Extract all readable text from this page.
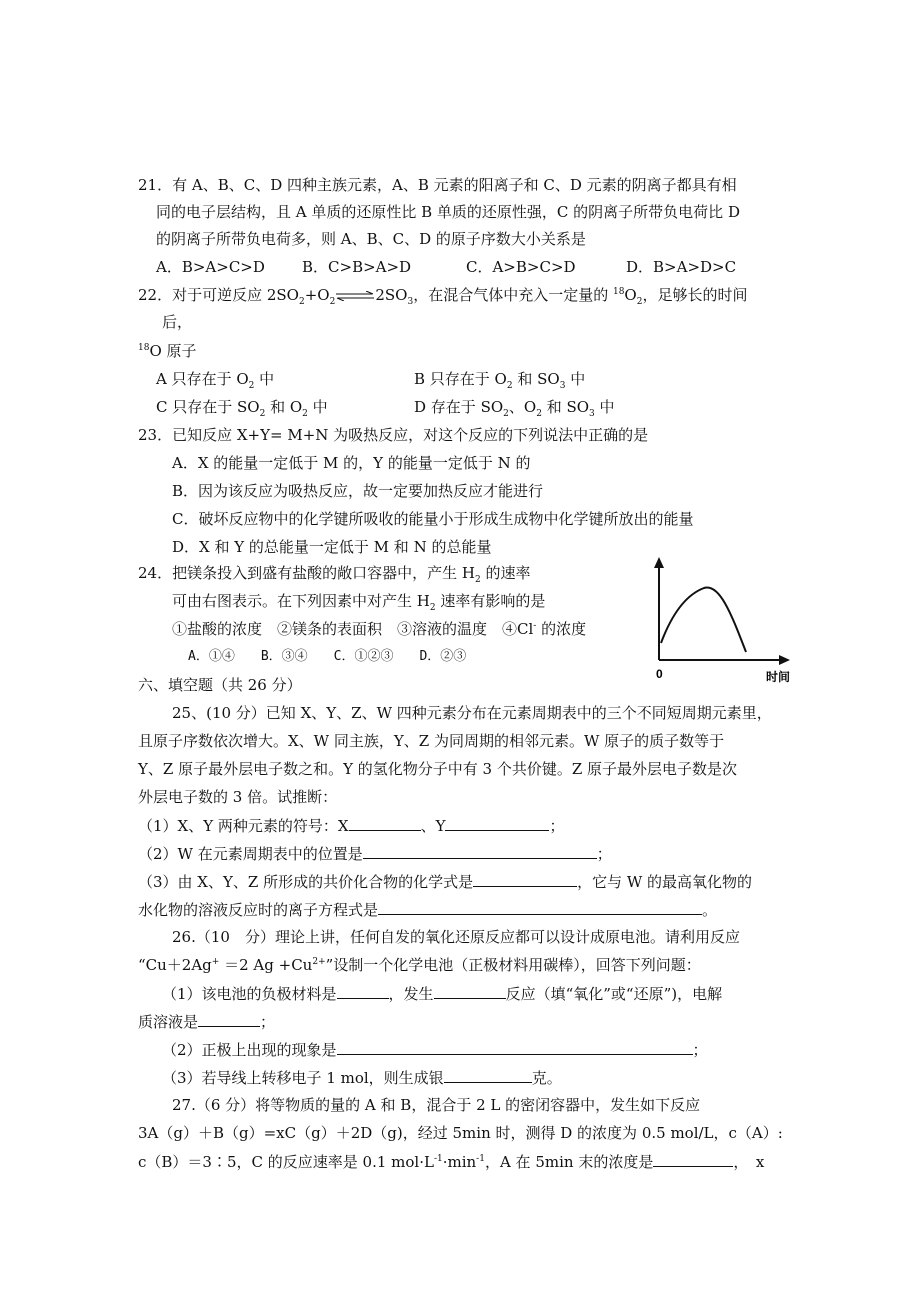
21．有 A、B、C、D 四种主族元素，A、B 元素的阳离子和 C、D 元素的阴离子都具有相
同的电子层结构，且 A 单质的还原性比 B 单质的还原性强，C 的阴离子所带负电荷比 D
的阴离子所带负电荷多，则 A、B、C、D 的原子序数大小关系是
A．B>A>C>D B．C>B>A>D	C．A>B>C>D	D．B>A>D>C
22．对于可逆反应 $2SO_2+O_2$ $\rightleftharpoons 2SO_3$，在混合气体中充入一定量的 $^{18}O_2$，足够长的时间
后，
$^{18}$O 原子
A 只存在于 $O_2$ 中	B 只存在于 $O_2$ 和 $SO_3$ 中
C 只存在于 $SO_2$ 和 $O_2$ 中	D 存在于 $SO_2$、$O_2$ 和 $SO_3$ 中
23．已知反应 X+Y= M+N 为吸热反应，对这个反应的下列说法中正确的是
A．X 的能量一定低于 M 的，Y 的能量一定低于 N 的
B．因为该反应为吸热反应，故一定要加热反应才能进行
C．破坏反应物中的化学键所吸收的能量小于形成生成物中化学键所放出的能量
D．X 和 Y 的总能量一定低于 M 和 N 的总能量
24．把镁条投入到盛有盐酸的敞口容器中，产生 $H_2$ 的速率
可由右图表示。在下列因素中对产生 $H_2$ 速率有影响的是
①盐酸的浓度　②镁条的表面积　③溶液的温度　④Cl- 的浓度
A．①④　　B．③④　　C．①②③　　D．②③
0	时间
六、填空题（共 26 分）
25、(10 分）已知 X、Y、Z、W 四种元素分布在元素周期表中的三个不同短周期元素里，
且原子序数依次增大。X、W 同主族，Y、Z 为同周期的相邻元素。W 原子的质子数等于
Y、Z 原子最外层电子数之和。Y 的氢化物分子中有 3 个共价键。Z 原子最外层电子数是次
外层电子数的 3 倍。试推断：
（1）X、Y 两种元素的符号：X	、Y	；
（2）W 在元素周期表中的位置是	；
（3）由 X、Y、Z 所形成的共价化合物的化学式是	，它与 W 的最高氧化物的
水化物的溶液反应时的离子方程式是	。
26.（10　分）理论上讲，任何自发的氧化还原反应都可以设计成原电池。请利用反应
“Cu＋2Ag+ ＝2 $Ag +Cu^{2+}$”设制一个化学电池（正极材料用碳棒），回答下列问题：
（1）该电池的负极材料是	，发生	反应（填“氧化”或“还原”)，电解
质溶液是	；
（2）正极上出现的现象是	；
（3）若导线上转移电子 1 mol，则生成银	克。
27.（6 分）将等物质的量的 A 和 B，混合于 2 L 的密闭容器中，发生如下反应
3A（g）＋B（g）=xC（g）＋2D（g)，经过 5min 时，测得 D 的浓度为 0.5 mol/L，c（A）:
c（B）＝3∶5，C 的反应速率是 0.1 $mol\cdot L^{-1}\cdot\min^{-1}$，A 在 5min 末的浓度是	，　x
